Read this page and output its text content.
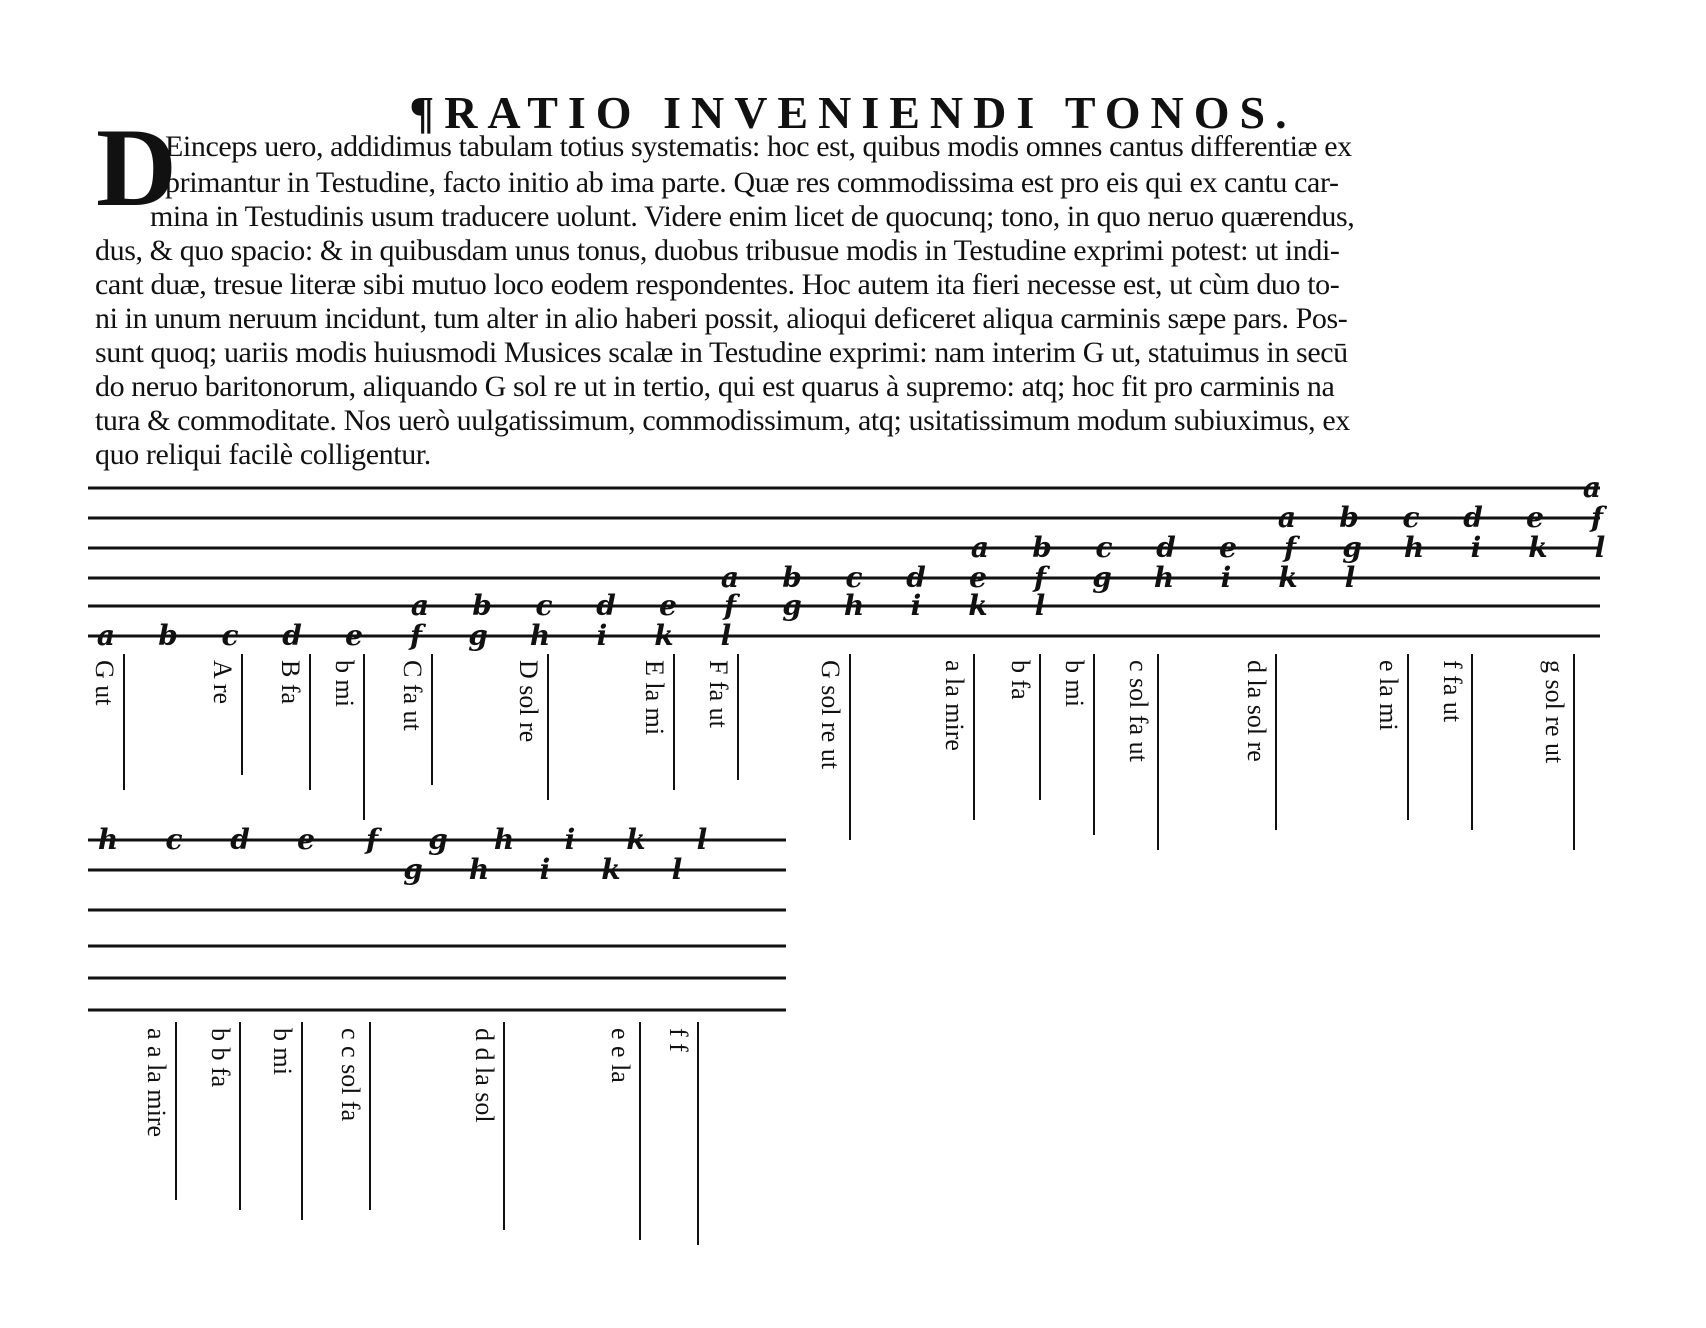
¶RATIO INVENIENDI TONOS.
D
Einceps uero, addidimus tabulam totius systematis: hoc est, quibus modis omnes cantus differentiæ ex
primantur in Testudine, facto initio ab ima parte. Quæ res commodissima est pro eis qui ex cantu car-
mina in Testudinis usum traducere uolunt. Videre enim licet de quocunq; tono, in quo neruo quærendus,
dus, & quo spacio: & in quibusdam unus tonus, duobus tribusue modis in Testudine exprimi potest: ut indi-
cant duæ, tresue literæ sibi mutuo loco eodem respondentes. Hoc autem ita fieri necesse est, ut cùm duo to-
ni in unum neruum incidunt, tum alter in alio haberi possit, alioqui deficeret aliqua carminis sæpe pars. Pos-
sunt quoq; uariis modis huiusmodi Musices scalæ in Testudine exprimi: nam interim G ut, statuimus in secū
do neruo baritonorum, aliquando G sol re ut in tertio, qui est quarus à supremo: atq; hoc fit pro carminis na
tura & commoditate. Nos uerò uulgatissimum, commodissimum, atq; usitatissimum modum subiuximus, ex
quo reliqui facilè colligentur.
a
a b c d e f
a b c d e f g h i k l
a b c d e f g h i k l
a b c d e f g h i k l
a b c d e f g h i k l
G ut	A re B fa b mi C fa ut	D sol re	E la mi F fa ut	G sol re ut	a la mire b fa b mi c sol fa ut	d la sol re	e la mi f fa ut	g sol re ut
h c d e f g h i k l
g h i k l
a a la mire b b fa b mi c c sol fa	d d la sol	e e la f f
